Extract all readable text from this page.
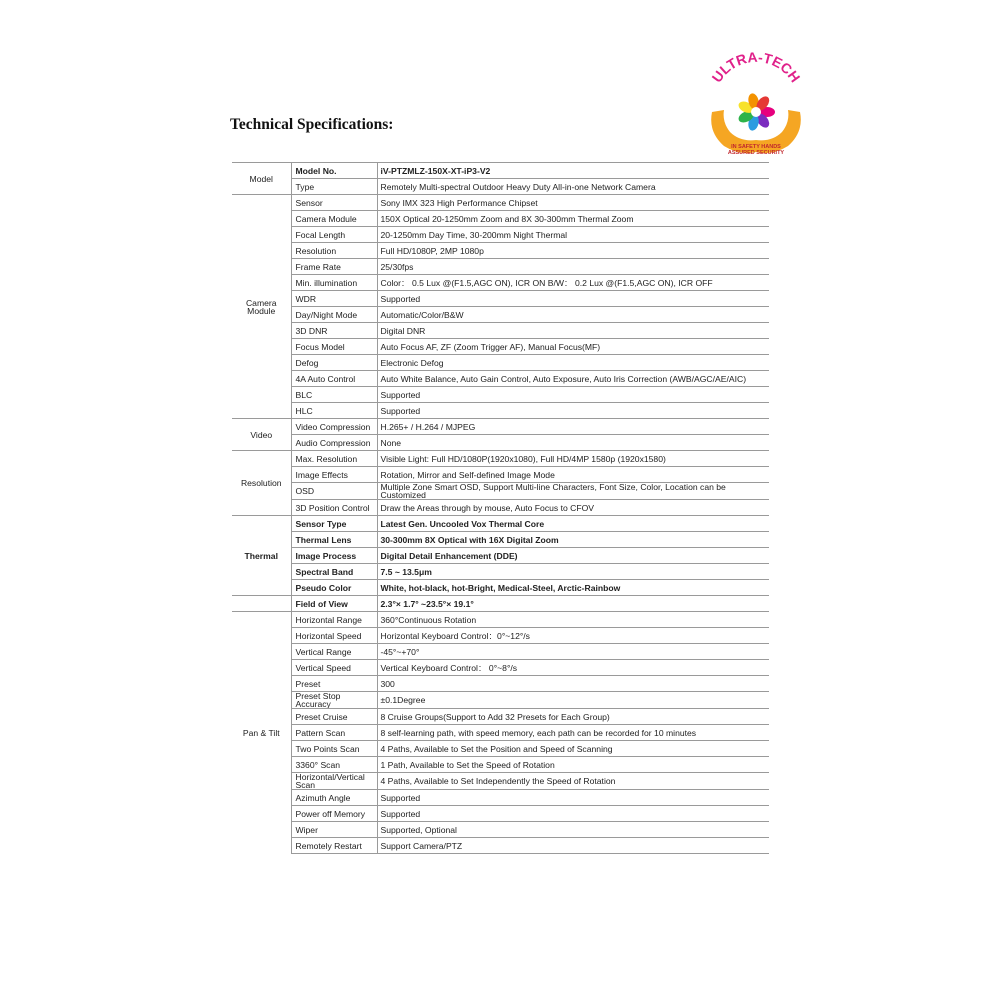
Technical Specifications:
ULTRA-TECH
IN SAFETY HANDS
ASSURED SECURITY
Model	Model No.	iV-PTZMLZ-150X-XT-iP3-V2
	Type	Remotely Multi-spectral Outdoor Heavy Duty All-in-one Network Camera
Camera Module	Sensor	Sony IMX 323 High Performance Chipset
	Camera Module	150X Optical 20-1250mm Zoom and 8X 30-300mm Thermal Zoom
	Focal Length	20-1250mm Day Time, 30-200mm Night Thermal
	Resolution	Full HD/1080P, 2MP 1080p
	Frame Rate	25/30fps
	Min. illumination	Color： 0.5 Lux @(F1.5,AGC ON), ICR ON B/W： 0.2 Lux @(F1.5,AGC ON), ICR OFF
	WDR	Supported
	Day/Night Mode	Automatic/Color/B&W
	3D DNR	Digital DNR
	Focus Model	Auto Focus AF, ZF (Zoom Trigger AF), Manual Focus(MF)
	Defog	Electronic Defog
	4A Auto Control	Auto White Balance, Auto Gain Control, Auto Exposure, Auto Iris Correction (AWB/AGC/AE/AIC)
	BLC	Supported
	HLC	Supported
Video	Video Compression	H.265+ / H.264 / MJPEG
	Audio Compression	None
Resolution	Max. Resolution	Visible Light: Full HD/1080P(1920x1080), Full HD/4MP 1580p (1920x1580)
	Image Effects	Rotation, Mirror and Self-defined Image Mode
	OSD	Multiple Zone Smart OSD, Support Multi-line Characters, Font Size, Color, Location can be Customized
	3D Position Control	Draw the Areas through by mouse, Auto Focus to CFOV
Thermal	Sensor Type	Latest Gen. Uncooled Vox Thermal Core
	Thermal Lens	30-300mm 8X Optical with 16X Digital Zoom
	Image Process	Digital Detail Enhancement (DDE)
	Spectral Band	7.5 ~ 13.5μm
	Pseudo Color	White, hot-black, hot-Bright, Medical-Steel, Arctic-Rainbow
	Field of View	2.3°× 1.7° ~23.5°× 19.1°
Pan & Tilt	Horizontal Range	360°Continuous Rotation
	Horizontal Speed	Horizontal Keyboard Control：0°~12°/s
	Vertical Range	-45°~+70°
	Vertical Speed	Vertical Keyboard Control： 0°~8°/s
	Preset	300
	Preset Stop Accuracy	±0.1Degree
	Preset Cruise	8 Cruise Groups(Support to Add 32 Presets for Each Group)
	Pattern Scan	8 self-learning path, with speed memory, each path can be recorded for 10 minutes
	Two Points Scan	4 Paths, Available to Set the Position and Speed of Scanning
	3360° Scan	1 Path, Available to Set the Speed of Rotation
	Horizontal/Vertical Scan	4 Paths, Available to Set Independently the Speed of Rotation
	Azimuth Angle	Supported
	Power off Memory	Supported
	Wiper	Supported, Optional
	Remotely Restart	Support Camera/PTZ
